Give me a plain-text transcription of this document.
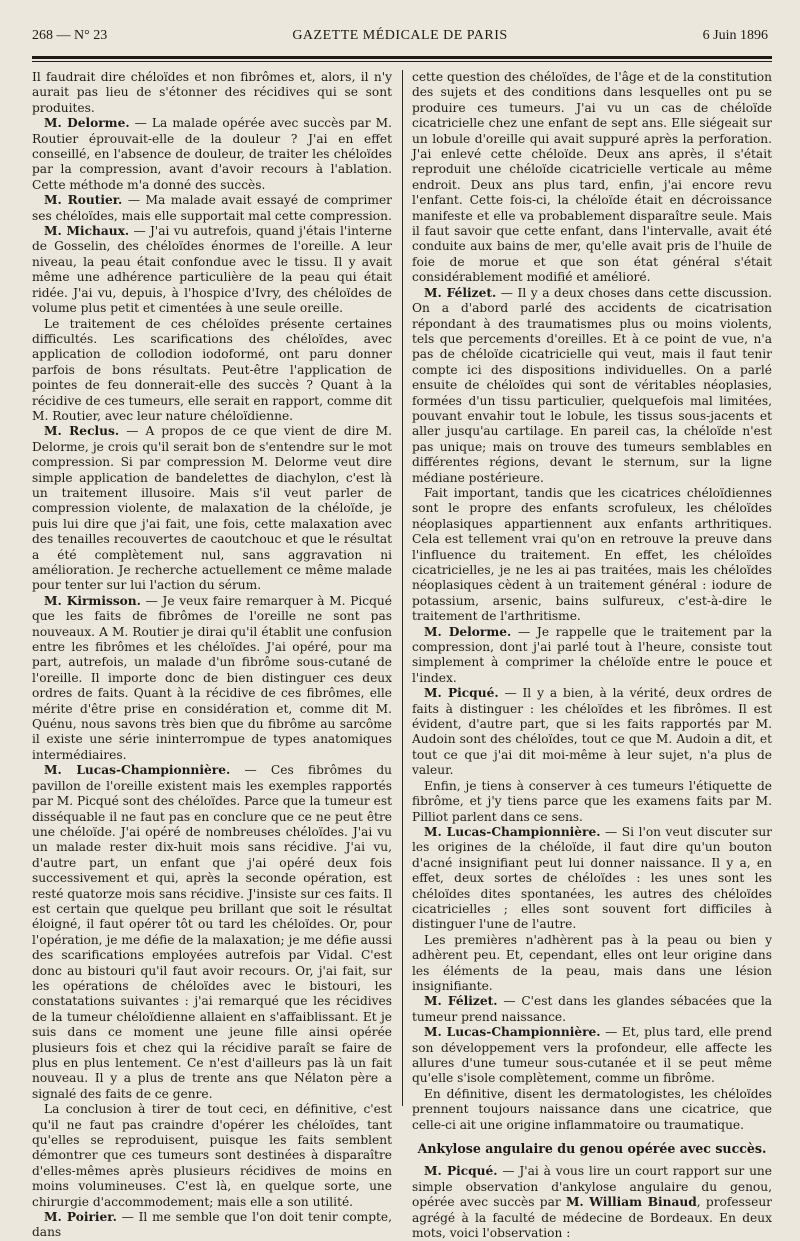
268 — N° 23	GAZETTE MÉDICALE DE PARIS	6 Juin 1896

Il faudrait dire chéloïdes et non fibrômes et, alors, il n'y aurait pas lieu de s'étonner des récidives qui se sont produites.

M. Delorme. — La malade opérée avec succès par M. Routier éprouvait-elle de la douleur ? J'ai en effet conseillé, en l'absence de douleur, de traiter les chéloïdes par la compression, avant d'avoir recours à l'ablation. Cette méthode m'a donné des succès.

M. Routier. — Ma malade avait essayé de comprimer ses chéloïdes, mais elle supportait mal cette compression.

M. Michaux. — J'ai vu autrefois, quand j'étais l'interne de Gosselin, des chéloïdes énormes de l'oreille. A leur niveau, la peau était confondue avec le tissu. Il y avait même une adhérence particulière de la peau qui était ridée. J'ai vu, depuis, à l'hospice d'Ivry, des chéloïdes de volume plus petit et cimentées à une seule oreille.

Le traitement de ces chéloïdes présente certaines difficultés. Les scarifications des chéloïdes, avec application de collodion iodoformé, ont paru donner parfois de bons résultats. Peut-être l'application de pointes de feu donnerait-elle des succès ? Quant à la récidive de ces tumeurs, elle serait en rapport, comme dit M. Routier, avec leur nature chéloïdienne.

M. Reclus. — A propos de ce que vient de dire M. Delorme, je crois qu'il serait bon de s'entendre sur le mot compression. Si par compression M. Delorme veut dire simple application de bandelettes de diachylon, c'est là un traitement illusoire. Mais s'il veut parler de compression violente, de malaxation de la chéloïde, je puis lui dire que j'ai fait, une fois, cette malaxation avec des tenailles recouvertes de caoutchouc et que le résultat a été complètement nul, sans aggravation ni amélioration. Je recherche actuellement ce même malade pour tenter sur lui l'action du sérum.

M. Kirmisson. — Je veux faire remarquer à M. Picqué que les faits de fibrômes de l'oreille ne sont pas nouveaux. A M. Routier je dirai qu'il établit une confusion entre les fibrômes et les chéloïdes. J'ai opéré, pour ma part, autrefois, un malade d'un fibrôme sous-cutané de l'oreille. Il importe donc de bien distinguer ces deux ordres de faits. Quant à la récidive de ces fibrômes, elle mérite d'être prise en considération et, comme dit M. Quénu, nous savons très bien que du fibrôme au sarcôme il existe une série ininterrompue de types anatomiques intermédiaires.

M. Lucas-Championnière. — Ces fibrômes du pavillon de l'oreille existent mais les exemples rapportés par M. Picqué sont des chéloïdes. Parce que la tumeur est disséquable il ne faut pas en conclure que ce ne peut être une chéloïde. J'ai opéré de nombreuses chéloïdes. J'ai vu un malade rester dix-huit mois sans récidive. J'ai vu, d'autre part, un enfant que j'ai opéré deux fois successivement et qui, après la seconde opération, est resté quatorze mois sans récidive. J'insiste sur ces faits. Il est certain que quelque peu brillant que soit le résultat éloigné, il faut opérer tôt ou tard les chéloïdes. Or, pour l'opération, je me défie de la malaxation; je me défie aussi des scarifications employées autrefois par Vidal. C'est donc au bistouri qu'il faut avoir recours. Or, j'ai fait, sur les opérations de chéloïdes avec le bistouri, les constatations suivantes : j'ai remarqué que les récidives de la tumeur chéloïdienne allaient en s'affaiblissant. Et je suis dans ce moment une jeune fille ainsi opérée plusieurs fois et chez qui la récidive paraît se faire de plus en plus lentement. Ce n'est d'ailleurs pas là un fait nouveau. Il y a plus de trente ans que Nélaton père a signalé des faits de ce genre.

La conclusion à tirer de tout ceci, en définitive, c'est qu'il ne faut pas craindre d'opérer les chéloïdes, tant qu'elles se reproduisent, puisque les faits semblent démontrer que ces tumeurs sont destinées à disparaître d'elles-mêmes après plusieurs récidives de moins en moins volumineuses. C'est là, en quelque sorte, une chirurgie d'accommodement; mais elle a son utilité.

M. Poirier. — Il me semble que l'on doit tenir compte, dans

cette question des chéloïdes, de l'âge et de la constitution des sujets et des conditions dans lesquelles ont pu se produire ces tumeurs. J'ai vu un cas de chéloïde cicatricielle chez une enfant de sept ans. Elle siégeait sur un lobule d'oreille qui avait suppuré après la perforation. J'ai enlevé cette chéloïde. Deux ans après, il s'était reproduit une chéloïde cicatricielle verticale au même endroit. Deux ans plus tard, enfin, j'ai encore revu l'enfant. Cette fois-ci, la chéloïde était en décroissance manifeste et elle va probablement disparaître seule. Mais il faut savoir que cette enfant, dans l'intervalle, avait été conduite aux bains de mer, qu'elle avait pris de l'huile de foie de morue et que son état général s'était considérablement modifié et amélioré.

M. Félizet. — Il y a deux choses dans cette discussion. On a d'abord parlé des accidents de cicatrisation répondant à des traumatismes plus ou moins violents, tels que percements d'oreilles. Et à ce point de vue, n'a pas de chéloïde cicatricielle qui veut, mais il faut tenir compte ici des dispositions individuelles. On a parlé ensuite de chéloïdes qui sont de véritables néoplasies, formées d'un tissu particulier, quelquefois mal limitées, pouvant envahir tout le lobule, les tissus sous-jacents et aller jusqu'au cartilage. En pareil cas, la chéloïde n'est pas unique; mais on trouve des tumeurs semblables en différentes régions, devant le sternum, sur la ligne médiane postérieure.

Fait important, tandis que les cicatrices chéloïdiennes sont le propre des enfants scrofuleux, les chéloïdes néoplasiques appartiennent aux enfants arthritiques. Cela est tellement vrai qu'on en retrouve la preuve dans l'influence du traitement. En effet, les chéloïdes cicatricielles, je ne les ai pas traitées, mais les chéloïdes néoplasiques cèdent à un traitement général : iodure de potassium, arsenic, bains sulfureux, c'est-à-dire le traitement de l'arthritisme.

M. Delorme. — Je rappelle que le traitement par la compression, dont j'ai parlé tout à l'heure, consiste tout simplement à comprimer la chéloïde entre le pouce et l'index.

M. Picqué. — Il y a bien, à la vérité, deux ordres de faits à distinguer : les chéloïdes et les fibrômes. Il est évident, d'autre part, que si les faits rapportés par M. Audoin sont des chéloïdes, tout ce que M. Audoin a dit, et tout ce que j'ai dit moi-même à leur sujet, n'a plus de valeur.

Enfin, je tiens à conserver à ces tumeurs l'étiquette de fibrôme, et j'y tiens parce que les examens faits par M. Pilliot parlent dans ce sens.

M. Lucas-Championnière. — Si l'on veut discuter sur les origines de la chéloïde, il faut dire qu'un bouton d'acné insignifiant peut lui donner naissance. Il y a, en effet, deux sortes de chéloïdes : les unes sont les chéloïdes dites spontanées, les autres des chéloïdes cicatricielles ; elles sont souvent fort difficiles à distinguer l'une de l'autre.

Les premières n'adhèrent pas à la peau ou bien y adhèrent peu. Et, cependant, elles ont leur origine dans les éléments de la peau, mais dans une lésion insignifiante.

M. Félizet. — C'est dans les glandes sébacées que la tumeur prend naissance.

M. Lucas-Championnière. — Et, plus tard, elle prend son développement vers la profondeur, elle affecte les allures d'une tumeur sous-cutanée et il se peut même qu'elle s'isole complètement, comme un fibrôme.

En définitive, disent les dermatologistes, les chéloïdes prennent toujours naissance dans une cicatrice, que celle-ci ait une origine inflammatoire ou traumatique.

Ankylose angulaire du genou opérée avec succès.

M. Picqué. — J'ai à vous lire un court rapport sur une simple observation d'ankylose angulaire du genou, opérée avec succès par M. William Binaud, professeur agrégé à la faculté de médecine de Bordeaux. En deux mots, voici l'observation :
